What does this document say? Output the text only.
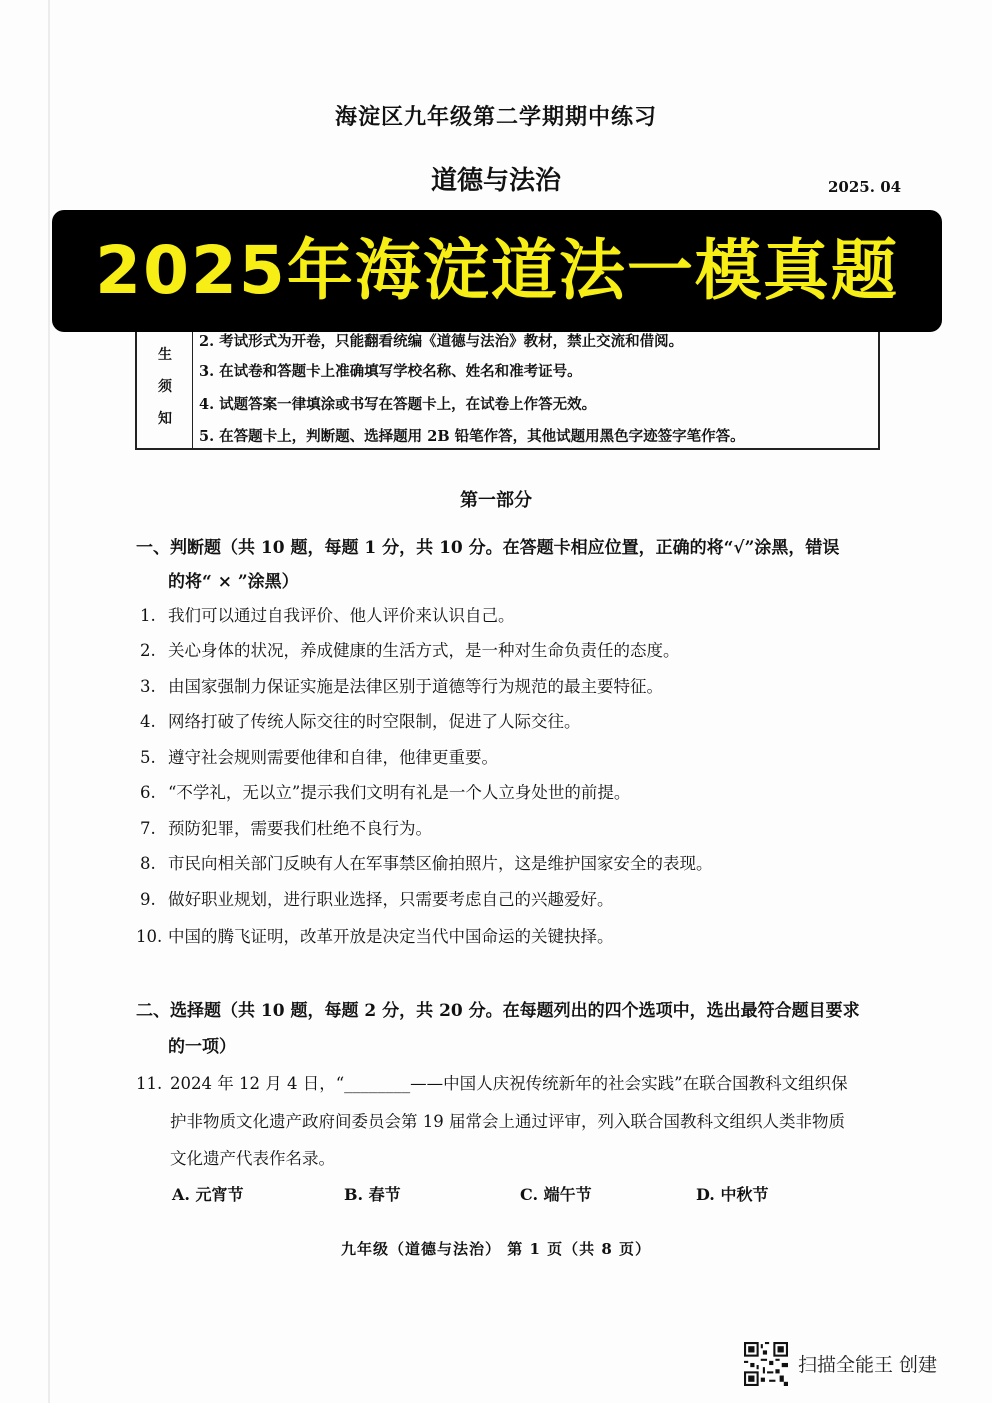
海淀区九年级第二学期期中练习
道德与法治	2025. 04
生
须
知
2. 考试形式为开卷，只能翻看统编《道德与法治》教材，禁止交流和借阅。
3. 在试卷和答题卡上准确填写学校名称、姓名和准考证号。
4. 试题答案一律填涂或书写在答题卡上，在试卷上作答无效。
5. 在答题卡上，判断题、选择题用 2B 铅笔作答，其他试题用黑色字迹签字笔作答。
2025年海淀道法一模真题
第一部分
一、判断题（共 10 题，每题 1 分，共 10 分。在答题卡相应位置，正确的将“√”涂黑，错误
的将“ × ”涂黑）
1. 我们可以通过自我评价、他人评价来认识自己。
2. 关心身体的状况，养成健康的生活方式，是一种对生命负责任的态度。
3. 由国家强制力保证实施是法律区别于道德等行为规范的最主要特征。
4. 网络打破了传统人际交往的时空限制，促进了人际交往。
5. 遵守社会规则需要他律和自律，他律更重要。
6. “不学礼，无以立”提示我们文明有礼是一个人立身处世的前提。
7. 预防犯罪，需要我们杜绝不良行为。
8. 市民向相关部门反映有人在军事禁区偷拍照片，这是维护国家安全的表现。
9. 做好职业规划，进行职业选择，只需要考虑自己的兴趣爱好。
10. 中国的腾飞证明，改革开放是决定当代中国命运的关键抉择。
二、选择题（共 10 题，每题 2 分，共 20 分。在每题列出的四个选项中，选出最符合题目要求
的一项）
11. 2024 年 12 月 4 日，“________——中国人庆祝传统新年的社会实践”在联合国教科文组织保
护非物质文化遗产政府间委员会第 19 届常会上通过评审，列入联合国教科文组织人类非物质
文化遗产代表作名录。
A. 元宵节	B. 春节	C. 端午节	D. 中秋节
九年级（道德与法治） 第 1 页（共 8 页）
扫描全能王 创建
